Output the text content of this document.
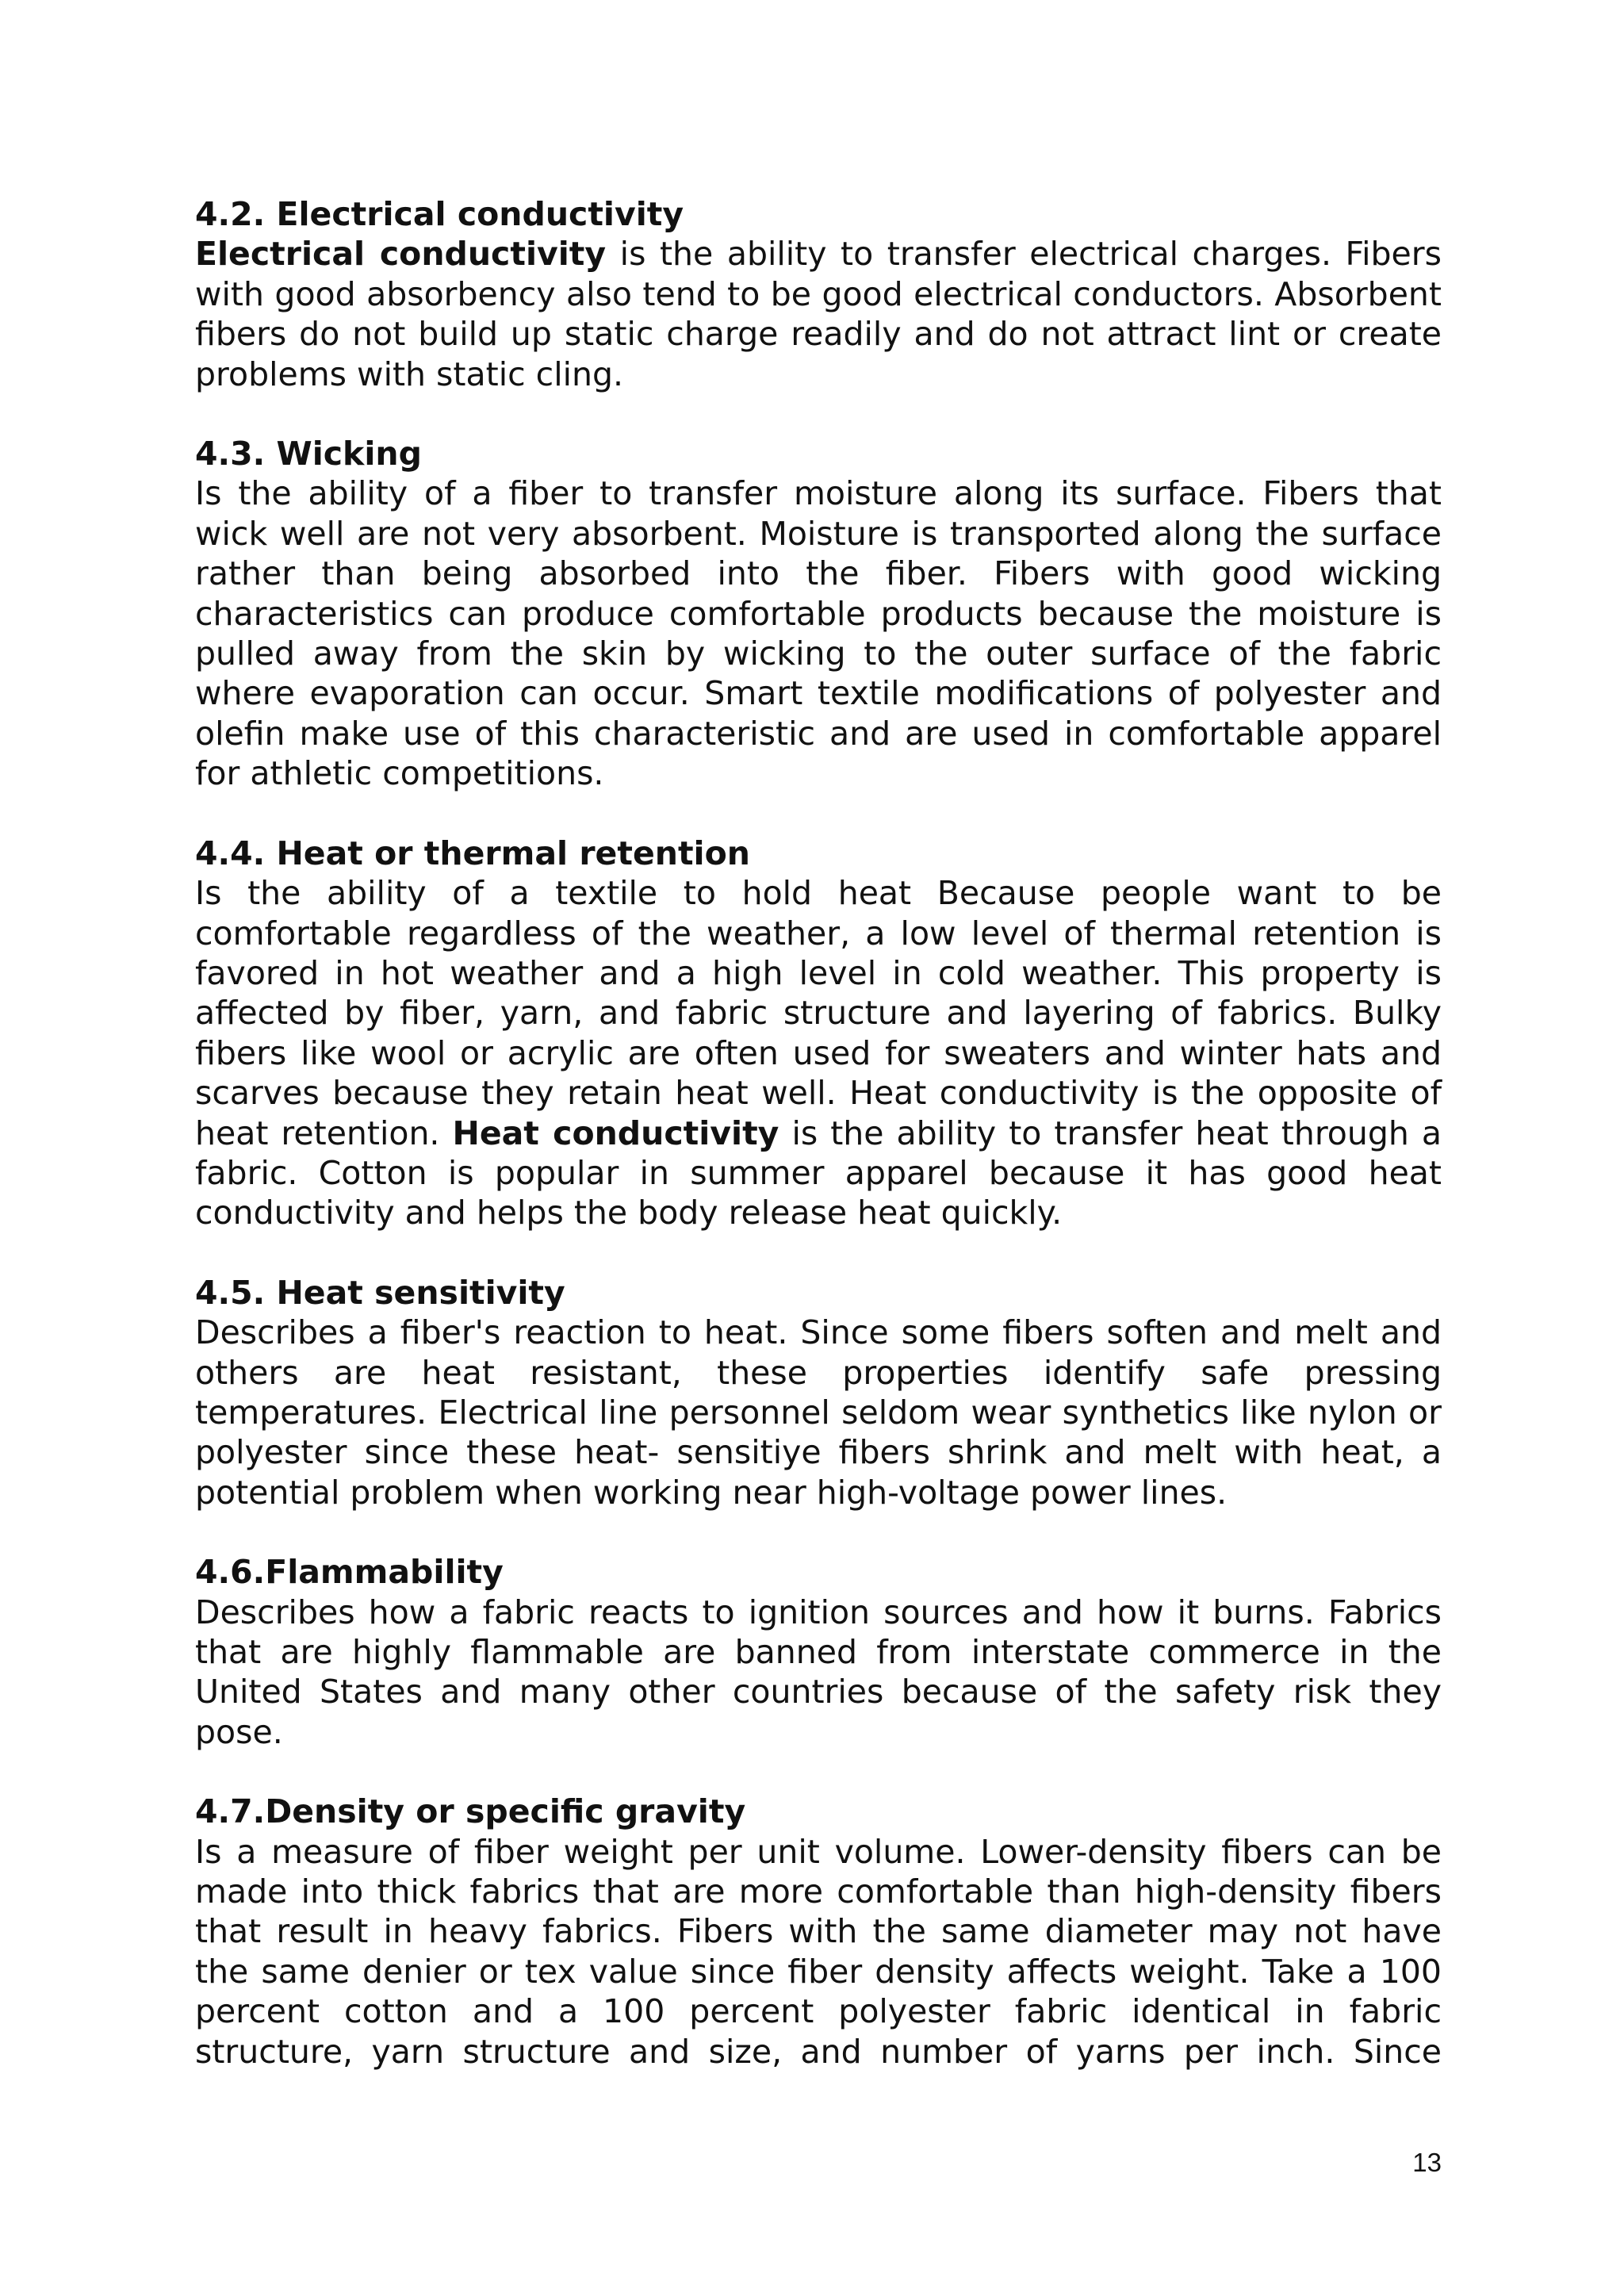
4.2. Electrical conductivity

Electrical conductivity is the ability to transfer electrical charges. Fibers with good absorbency also tend to be good electrical conductors. Absorbent fibers do not build up static charge readily and do not attract lint or create problems with static cling.

4.3. Wicking

Is the ability of a fiber to transfer moisture along its surface. Fibers that wick well are not very absorbent. Moisture is transported along the surface rather than being absorbed into the fiber. Fibers with good wicking characteristics can produce comfortable products because the moisture is pulled away from the skin by wicking to the outer surface of the fabric where evaporation can occur. Smart textile modifications of polyester and olefin make use of this characteristic and are used in comfortable apparel for athletic competitions.

4.4. Heat or thermal retention

Is the ability of a textile to hold heat Because people want to be comfortable regardless of the weather, a low level of thermal retention is favored in hot weather and a high level in cold weather. This property is affected by fiber, yarn, and fabric structure and layering of fabrics. Bulky fibers like wool or acrylic are often used for sweaters and winter hats and scarves because they retain heat well. Heat conductivity is the opposite of heat retention. Heat conductivity is the ability to transfer heat through a fabric. Cotton is popular in summer apparel because it has good heat conductivity and helps the body release heat quickly.

4.5. Heat sensitivity

Describes a fiber's reaction to heat. Since some fibers soften and melt and others are heat resistant, these properties identify safe pressing temperatures. Electrical line personnel seldom wear synthetics like nylon or polyester since these heat- sensitiye fibers shrink and melt with heat, a potential problem when working near high-voltage power lines.

4.6.Flammability

Describes how a fabric reacts to ignition sources and how it burns. Fabrics that are highly flammable are banned from interstate commerce in the United States and many other countries because of the safety risk they pose.

4.7.Density or specific gravity

Is a measure of fiber weight per unit volume. Lower-density fibers can be made into thick fabrics that are more comfortable than high-density fibers that result in heavy fabrics. Fibers with the same diameter may not have the same denier or tex value since fiber density affects weight. Take a 100 percent cotton and a 100 percent polyester fabric identical in fabric structure, yarn structure and size, and number of yarns per inch. Since

13
